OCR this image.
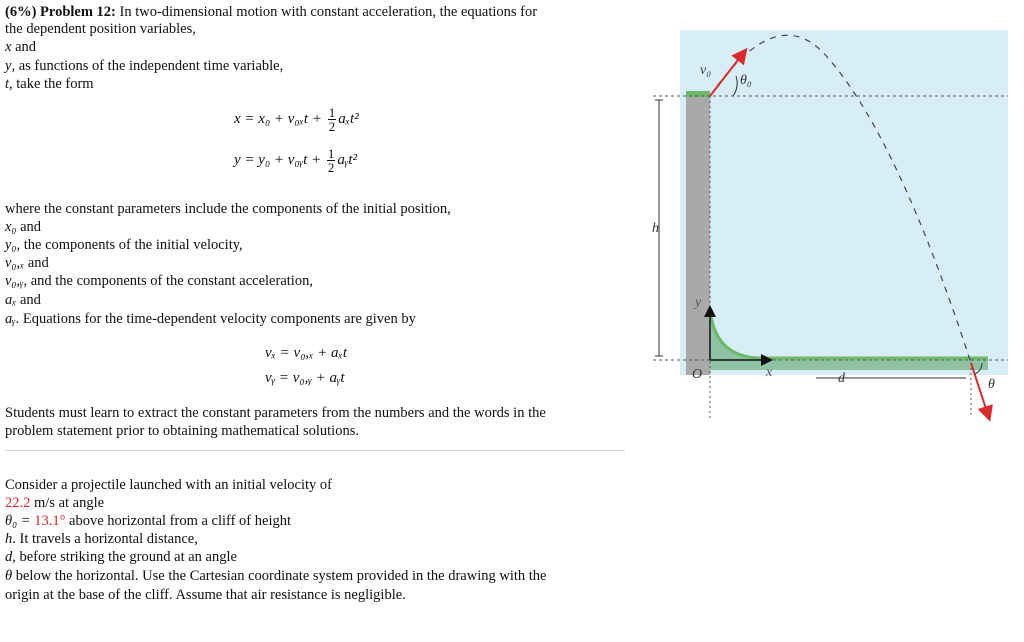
(6%) Problem 12: In two-dimensional motion with constant acceleration, the equations for
the dependent position variables,
x and
y, as functions of the independent time variable,
t, take the form
$x = x_0 + v_{0x}t + \frac{1}{2} a_xt^2$
y = y₀ + v₀ᵧt + $\frac{1}{2}$ aᵧt²
where the constant parameters include the components of the initial position,
x₀ and
y₀, the components of the initial velocity,
v₀,ₓ and
v₀,ᵧ, and the components of the constant acceleration,
aₓ and
aᵧ. Equations for the time-dependent velocity components are given by
vₓ = v₀,ₓ + aₓt
vᵧ = v₀,ᵧ + aᵧt
Students must learn to extract the constant parameters from the numbers and the words in the
problem statement prior to obtaining mathematical solutions.
Consider a projectile launched with an initial velocity of
22.2 m/s at angle
θ₀ = 13.1° above horizontal from a cliff of height
h. It travels a horizontal distance,
d, before striking the ground at an angle
θ below the horizontal. Use the Cartesian coordinate system provided in the drawing with the
origin at the base of the cliff. Assume that air resistance is negligible.
v₀
θ₀
h
y
O	x	d	θ
